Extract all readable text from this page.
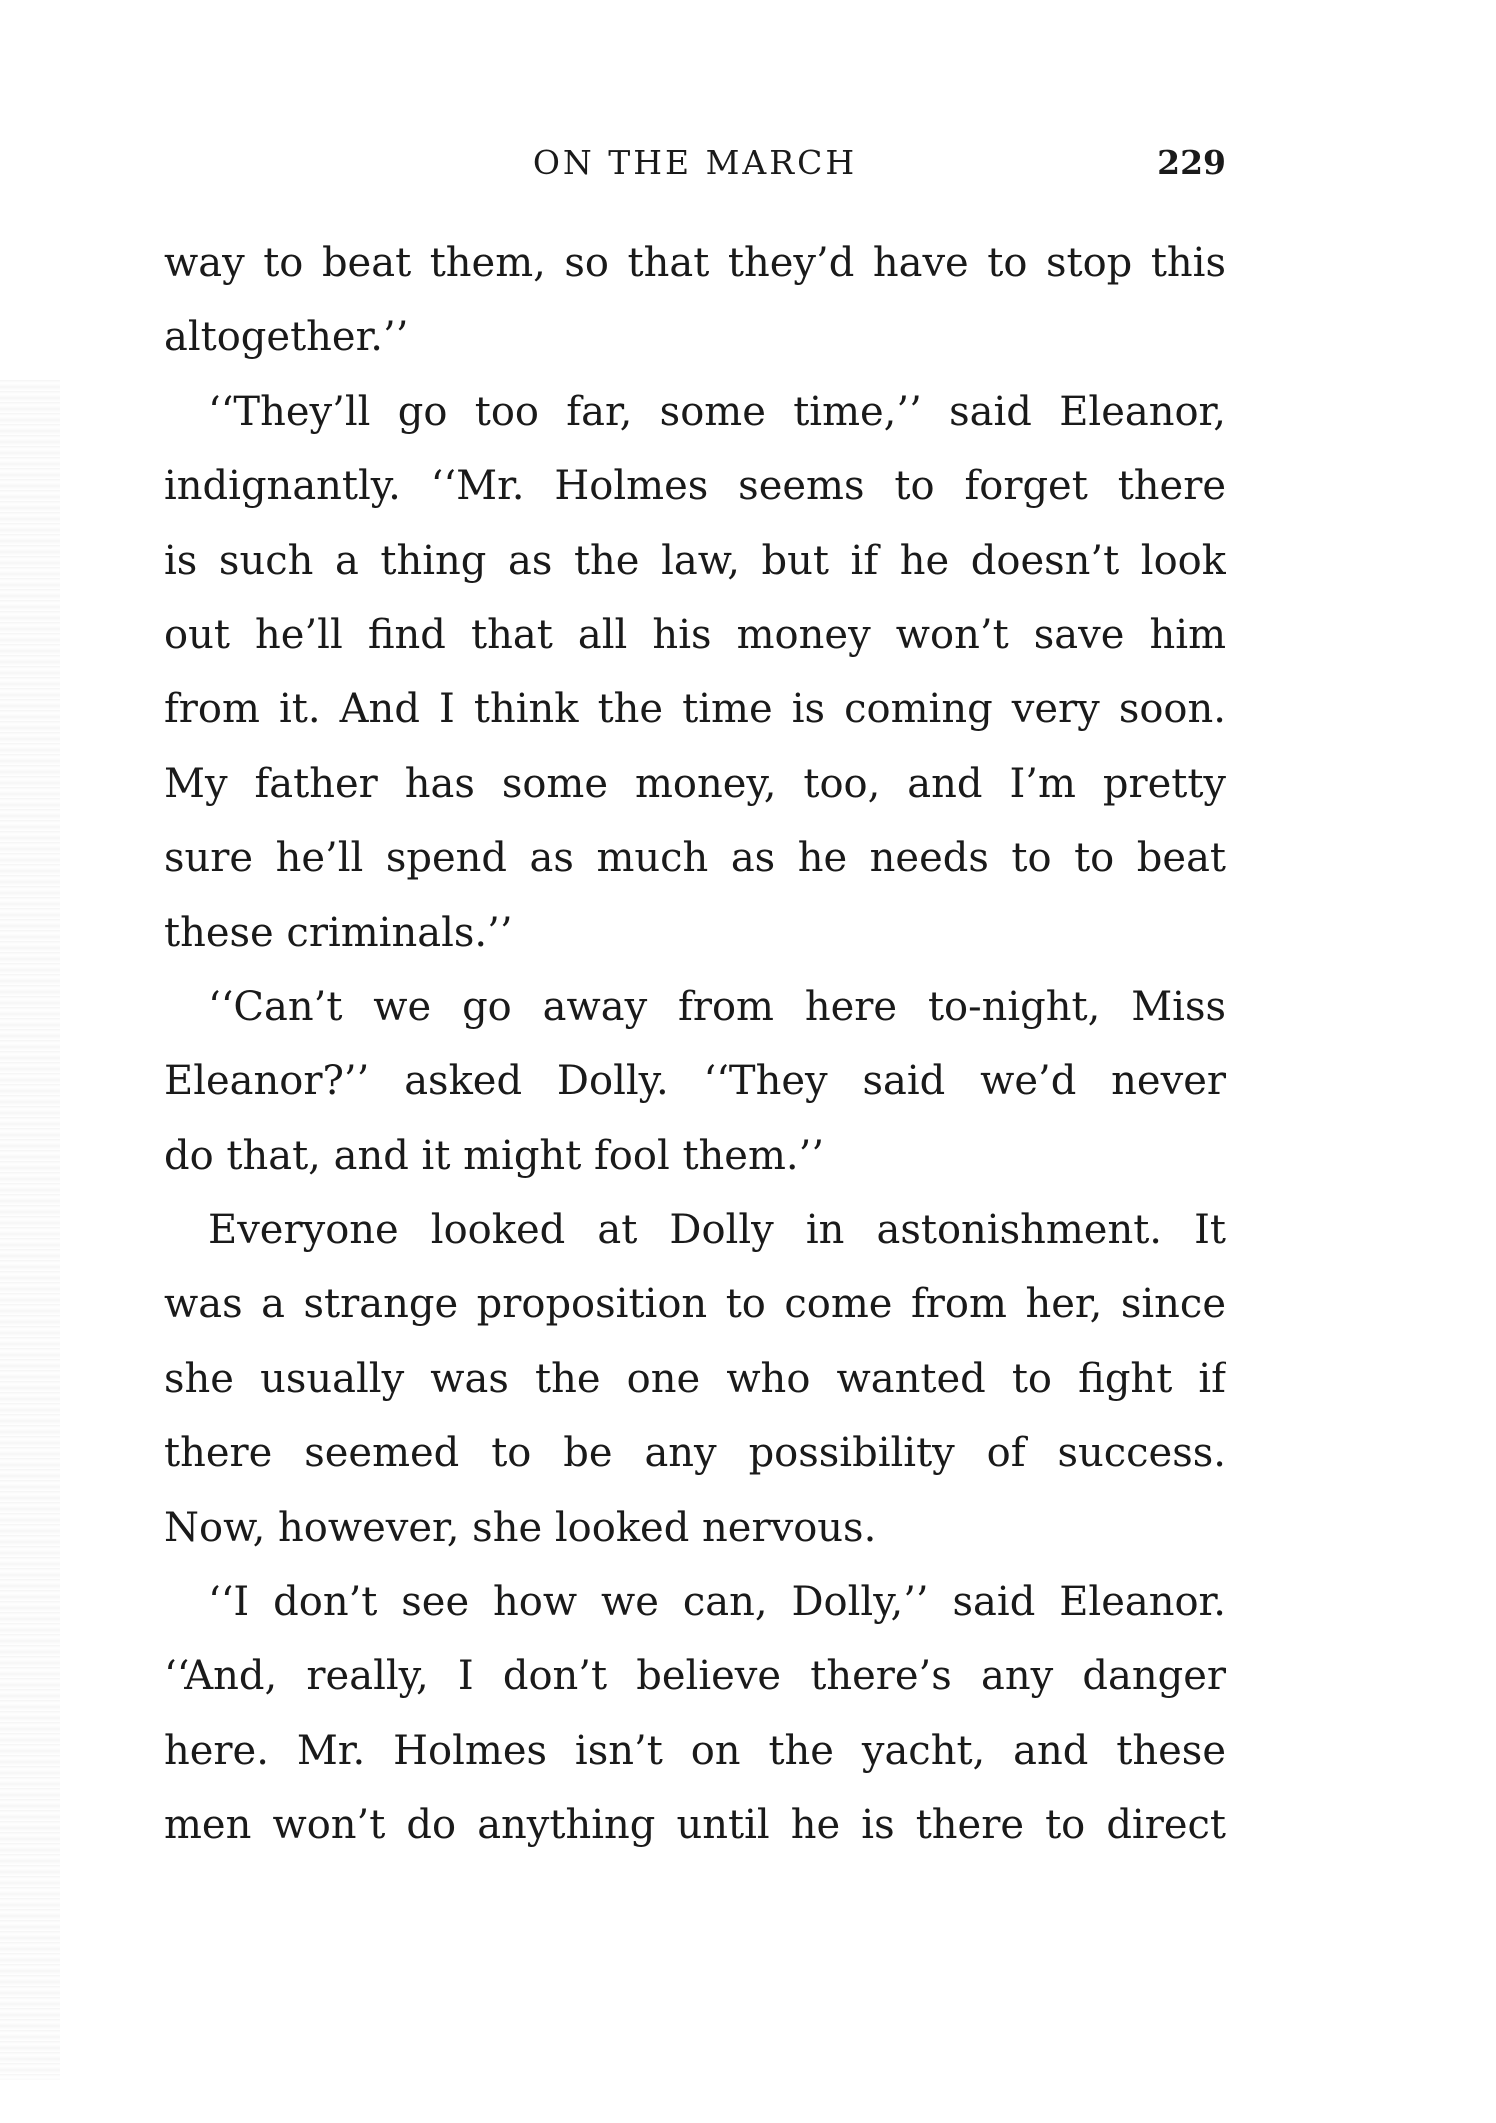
ON THE MARCH	229
way to beat them, so that they’d have to stop this
altogether.’’
‘‘They’ll go too far, some time,’’ said Eleanor,
indignantly. ‘‘Mr. Holmes seems to forget there
is such a thing as the law, but if he doesn’t look
out he’ll find that all his money won’t save him
from it. And I think the time is coming very soon.
My father has some money, too, and I’m pretty
sure he’ll spend as much as he needs to to beat
these criminals.’’
‘‘Can’t we go away from here to-night, Miss
Eleanor?’’ asked Dolly. ‘‘They said we’d never
do that, and it might fool them.’’
Everyone looked at Dolly in astonishment. It
was a strange proposition to come from her, since
she usually was the one who wanted to fight if
there seemed to be any possibility of success.
Now, however, she looked nervous.
‘‘I don’t see how we can, Dolly,’’ said Eleanor.
‘‘And, really, I don’t believe there’s any danger
here. Mr. Holmes isn’t on the yacht, and these
men won’t do anything until he is there to direct
